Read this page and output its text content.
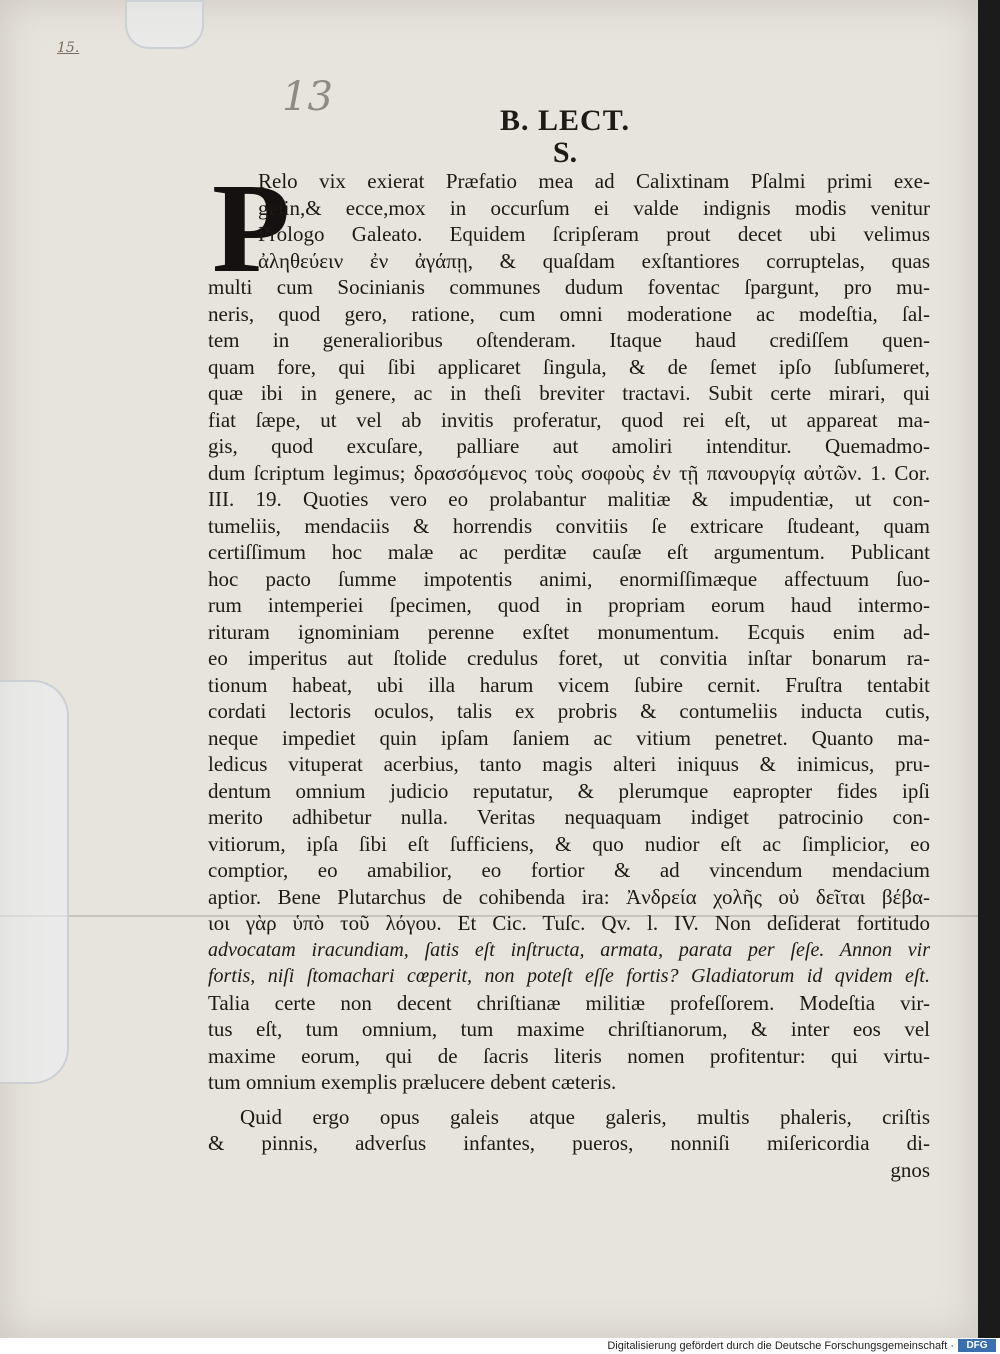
15.
13
B. LECT.
S.
P
Relo vix exierat Præfatio mea ad Calixtinam Pſalmi primi exe-
geſin,& ecce,mox in occurſum ei valde indignis modis venitur
Prologo Galeato. Equidem ſcripſeram prout decet ubi velimus
ἀληθεύειν ἐν ἀγάπῃ, & quaſdam exſtantiores corruptelas, quas
multi cum Socinianis communes dudum foventac ſpargunt, pro mu-
neris, quod gero, ratione, cum omni moderatione ac modeſtia, ſal-
tem in generalioribus oſtenderam. Itaque haud crediſſem quen-
quam fore, qui ſibi applicaret ſingula, & de ſemet ipſo ſubſumeret,
quæ ibi in genere, ac in theſi breviter tractavi. Subit certe mirari, qui
fiat ſæpe, ut vel ab invitis proferatur, quod rei eſt, ut appareat ma-
gis, quod excuſare, palliare aut amoliri intenditur. Quemadmo-
dum ſcriptum legimus; δρασσόμενος τοὺς σοφοὺς ἐν τῇ πανουργίᾳ αὐτῶν. 1. Cor.
III. 19. Quoties vero eo prolabantur malitiæ & impudentiæ, ut con-
tumeliis, mendaciis & horrendis convitiis ſe extricare ſtudeant, quam
certiſſimum hoc malæ ac perditæ cauſæ eſt argumentum. Publicant
hoc pacto ſumme impotentis animi, enormiſſimæque affectuum ſuo-
rum intemperiei ſpecimen, quod in propriam eorum haud intermo-
rituram ignominiam perenne exſtet monumentum. Ecquis enim ad-
eo imperitus aut ſtolide credulus foret, ut convitia inſtar bonarum ra-
tionum habeat, ubi illa harum vicem ſubire cernit. Fruſtra tentabit
cordati lectoris oculos, talis ex probris & contumeliis inducta cutis,
neque impediet quin ipſam ſaniem ac vitium penetret. Quanto ma-
ledicus vituperat acerbius, tanto magis alteri iniquus & inimicus, pru-
dentum omnium judicio reputatur, & plerumque eapropter fides ipſi
merito adhibetur nulla. Veritas nequaquam indiget patrocinio con-
vitiorum, ipſa ſibi eſt ſufficiens, & quo nudior eſt ac ſimplicior, eo
comptior, eo amabilior, eo fortior & ad vincendum mendacium
aptior. Bene Plutarchus de cohibenda ira: Ἀνδρεία χολῆς οὐ δεῖται βέβα-
ιοι γὰρ ὑπὸ τοῦ λόγου. Et Cic. Tuſc. Qv. l. IV. Non deſiderat fortitudo
advocatam iracundiam, ſatis eſt inſtructa, armata, parata per ſeſe. Annon vir
fortis, niſi ſtomachari cœperit, non poteſt eſſe fortis? Gladiatorum id qvidem eſt.
Talia certe non decent chriſtianæ militiæ profeſſorem. Modeſtia vir-
tus eſt, tum omnium, tum maxime chriſtianorum, & inter eos vel
maxime eorum, qui de ſacris literis nomen profitentur: qui virtu-
tum omnium exemplis prælucere debent cæteris.
Quid ergo opus galeis atque galeris, multis phaleris, criſtis
& pinnis, adverſus infantes, pueros, nonniſi miſericordia di-
gnos
Digitalisierung gefördert durch die Deutsche Forschungsgemeinschaft ·	DFG
